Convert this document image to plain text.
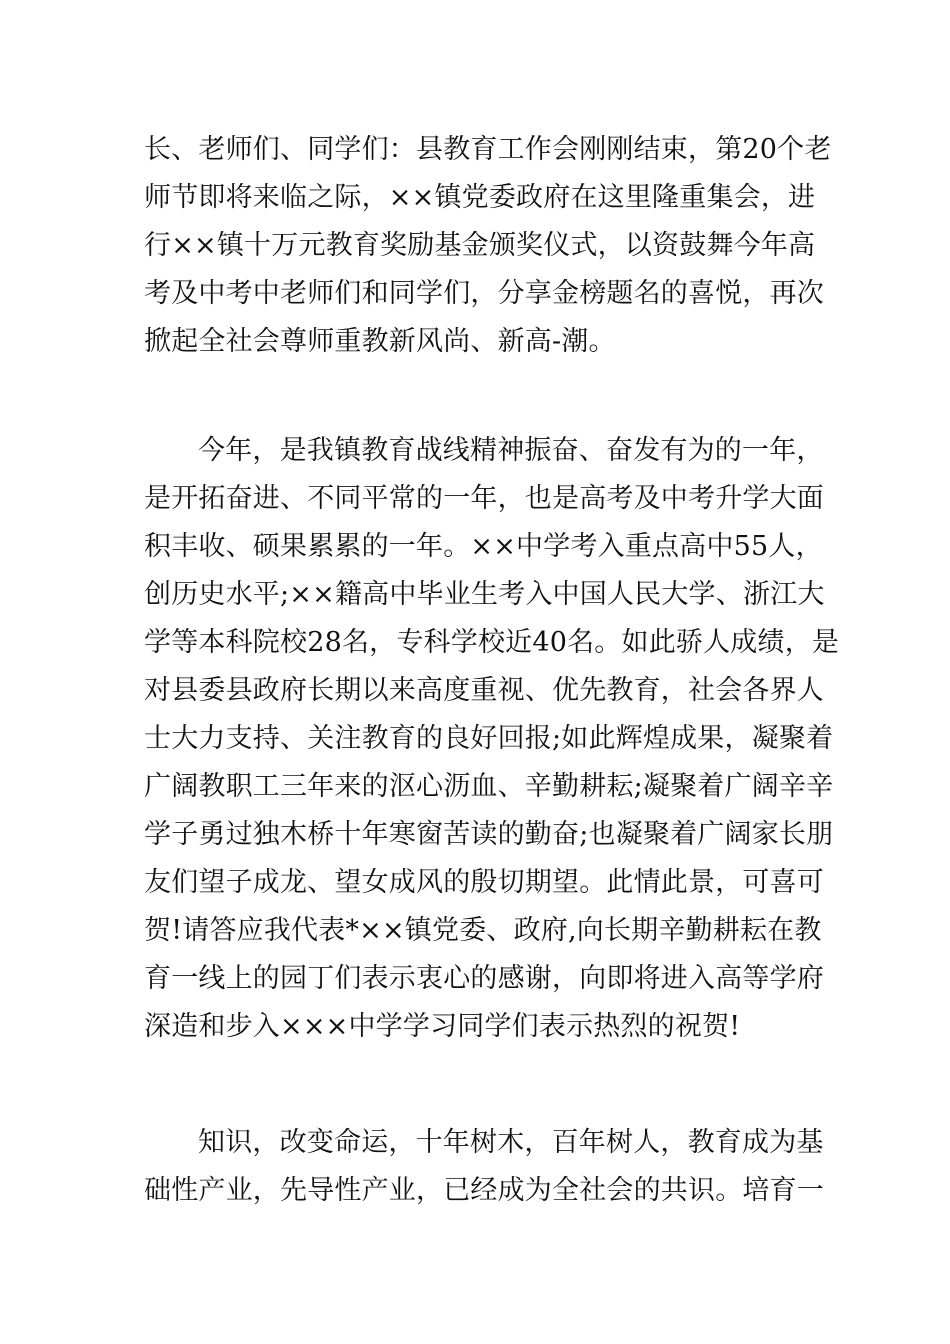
长、老师们、同学们：县教育工作会刚刚结束，第20个老
师节即将来临之际，××镇党委政府在这里隆重集会，进
行××镇十万元教育奖励基金颁奖仪式，以资鼓舞今年高
考及中考中老师们和同学们，分享金榜题名的喜悦，再次
掀起全社会尊师重教新风尚、新高-潮。
今年，是我镇教育战线精神振奋、奋发有为的一年，
是开拓奋进、不同平常的一年，也是高考及中考升学大面
积丰收、硕果累累的一年。××中学考入重点高中55人，
创历史水平;××籍高中毕业生考入中国人民大学、浙江大
学等本科院校28名，专科学校近40名。如此骄人成绩，是
对县委县政府长期以来高度重视、优先教育，社会各界人
士大力支持、关注教育的良好回报;如此辉煌成果，凝聚着
广阔教职工三年来的沤心沥血、辛勤耕耘;凝聚着广阔辛辛
学子勇过独木桥十年寒窗苦读的勤奋;也凝聚着广阔家长朋
友们望子成龙、望女成风的殷切期望。此情此景，可喜可
贺!请答应我代表*××镇党委、政府,向长期辛勤耕耘在教
育一线上的园丁们表示衷心的感谢，向即将进入高等学府
深造和步入×××中学学习同学们表示热烈的祝贺!
知识，改变命运，十年树木，百年树人，教育成为基
础性产业，先导性产业，已经成为全社会的共识。培育一
